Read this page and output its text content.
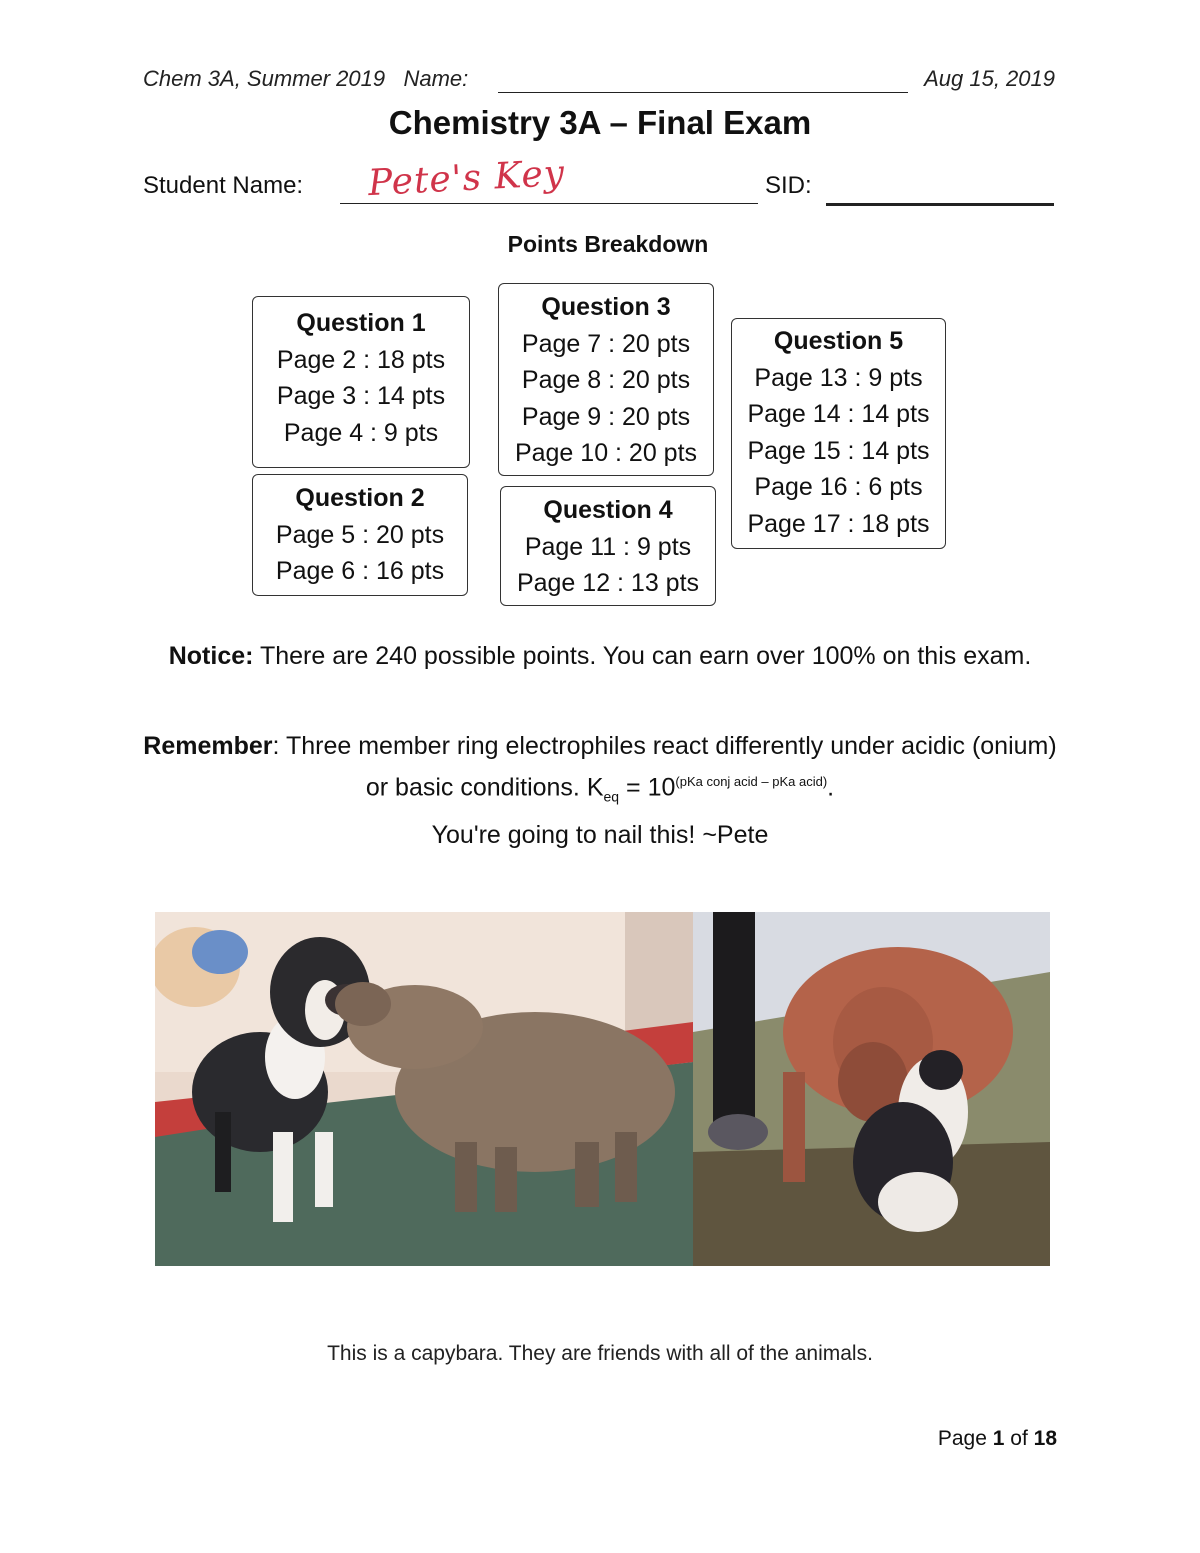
Chem 3A, Summer 2019 Name:	Aug 15, 2019
Chemistry 3A – Final Exam
Student Name: Pete's Key	SID:
Points Breakdown
Question 1
Page 2 : 18 pts
Page 3 : 14 pts
Page 4 : 9 pts
Question 2
Page 5 : 20 pts
Page 6 : 16 pts
Question 3
Page 7 : 20 pts
Page 8 : 20 pts
Page 9 : 20 pts
Page 10 : 20 pts
Question 4
Page 11 : 9 pts
Page 12 : 13 pts
Question 5
Page 13 : 9 pts
Page 14 : 14 pts
Page 15 : 14 pts
Page 16 : 6 pts
Page 17 : 18 pts
Notice: There are 240 possible points. You can earn over 100% on this exam.
Remember: Three member ring electrophiles react differently under acidic (onium) or basic conditions. $K_{eq} = 10^{(pKa conj acid - pKa acid)}$.
You're going to nail this! ~Pete
This is a capybara. They are friends with all of the animals.
Page 1 of 18
